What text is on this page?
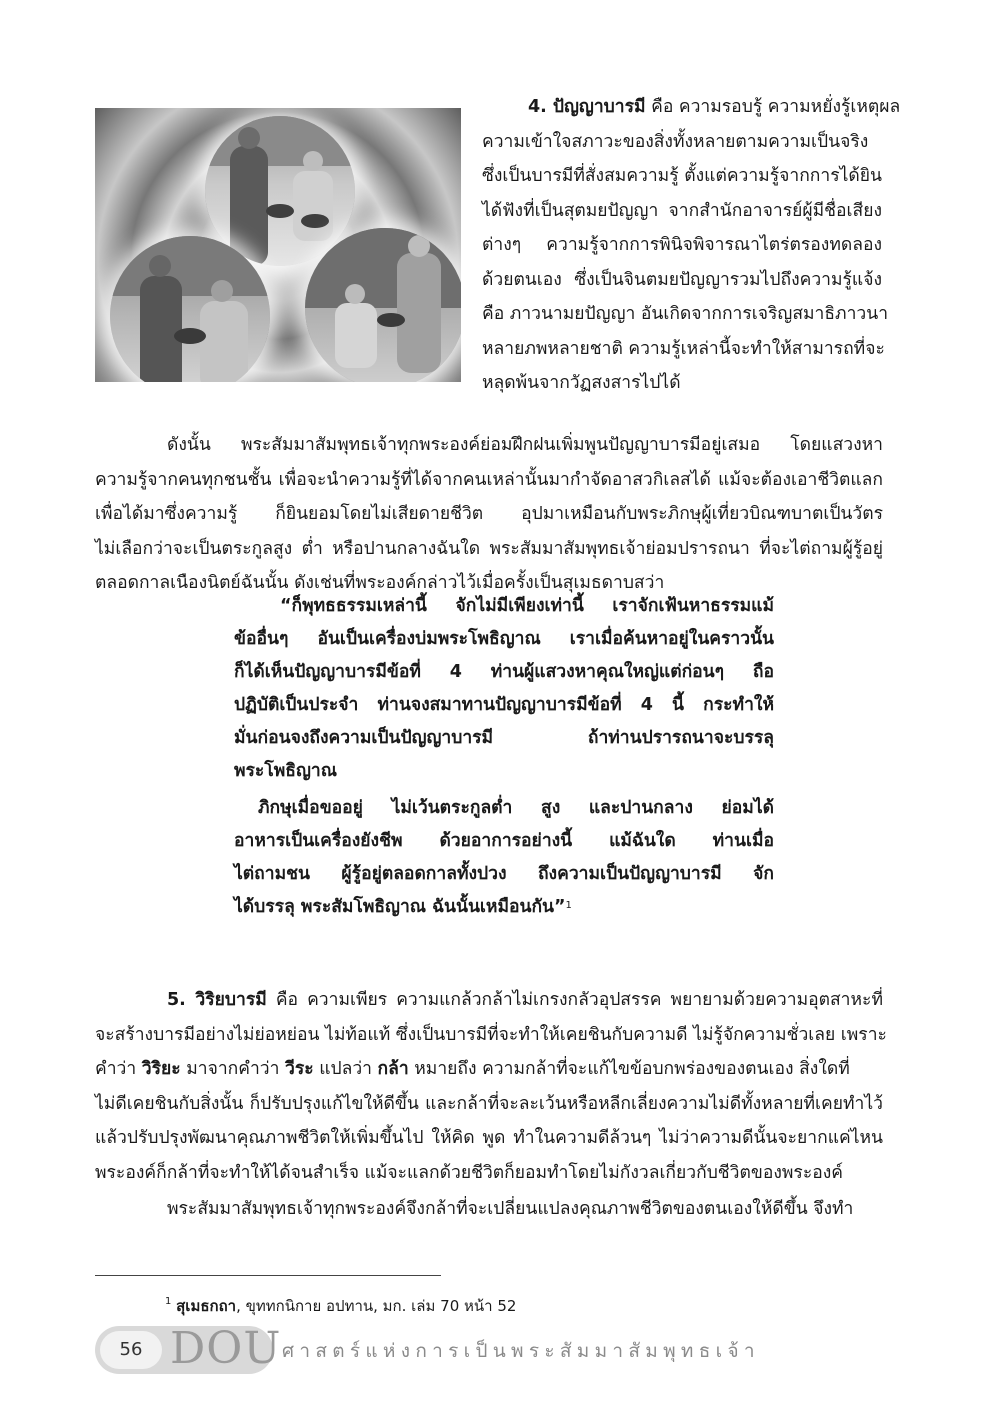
4. ปัญญาบารมี คือ ความรอบรู้ ความหยั่งรู้เหตุผล
ความเข้าใจสภาวะของสิ่งทั้งหลายตามความเป็นจริง
ซึ่งเป็นบารมีที่สั่งสมความรู้ ตั้งแต่ความรู้จากการได้ยิน
ได้ฟังที่เป็นสุตมยปัญญา จากสำนักอาจารย์ผู้มีชื่อเสียง
ต่างๆ ความรู้จากการพินิจพิจารณาไตร่ตรองทดลอง
ด้วยตนเอง ซึ่งเป็นจินตมยปัญญารวมไปถึงความรู้แจ้ง
คือ ภาวนามยปัญญา อันเกิดจากการเจริญสมาธิภาวนา
หลายภพหลายชาติ ความรู้เหล่านี้จะทำให้สามารถที่จะ
หลุดพ้นจากวัฏสงสารไปได้
ดังนั้น พระสัมมาสัมพุทธเจ้าทุกพระองค์ย่อมฝึกฝนเพิ่มพูนปัญญาบารมีอยู่เสมอ โดยแสวงหา
ความรู้จากคนทุกชนชั้น เพื่อจะนำความรู้ที่ได้จากคนเหล่านั้นมากำจัดอาสวกิเลสได้ แม้จะต้องเอาชีวิตแลก
เพื่อได้มาซึ่งความรู้ ก็ยินยอมโดยไม่เสียดายชีวิต อุปมาเหมือนกับพระภิกษุผู้เที่ยวบิณฑบาตเป็นวัตร
ไม่เลือกว่าจะเป็นตระกูลสูง ต่ำ หรือปานกลางฉันใด พระสัมมาสัมพุทธเจ้าย่อมปรารถนา ที่จะไต่ถามผู้รู้อยู่
ตลอดกาลเนืองนิตย์ฉันนั้น ดังเช่นที่พระองค์กล่าวไว้เมื่อครั้งเป็นสุเมธดาบสว่า
“ก็พุทธธรรมเหล่านี้ จักไม่มีเพียงเท่านี้ เราจักเฟ้นหาธรรมแม้
ข้ออื่นๆ อันเป็นเครื่องบ่มพระโพธิญาณ เราเมื่อค้นหาอยู่ในคราวนั้น
ก็ได้เห็นปัญญาบารมีข้อที่ 4 ท่านผู้แสวงหาคุณใหญ่แต่ก่อนๆ ถือ
ปฏิบัติเป็นประจำ ท่านจงสมาทานปัญญาบารมีข้อที่ 4 นี้ กระทำให้
มั่นก่อนจงถึงความเป็นปัญญาบารมี ถ้าท่านปรารถนาจะบรรลุ
พระโพธิญาณ
ภิกษุเมื่อขออยู่ ไม่เว้นตระกูลต่ำ สูง และปานกลาง ย่อมได้
อาหารเป็นเครื่องยังชีพ ด้วยอาการอย่างนี้ แม้ฉันใด ท่านเมื่อ
ไต่ถามชน ผู้รู้อยู่ตลอดกาลทั้งปวง ถึงความเป็นปัญญาบารมี จัก
ได้บรรลุ พระสัมโพธิญาณ ฉันนั้นเหมือนกัน”$^1$
5. วิริยบารมี คือ ความเพียร ความแกล้วกล้าไม่เกรงกลัวอุปสรรค พยายามด้วยความอุตสาหะที่
จะสร้างบารมีอย่างไม่ย่อหย่อน ไม่ท้อแท้ ซึ่งเป็นบารมีที่จะทำให้เคยชินกับความดี ไม่รู้จักความชั่วเลย เพราะ
คำว่า วิริยะ มาจากคำว่า วีระ แปลว่า กล้า หมายถึง ความกล้าที่จะแก้ไขข้อบกพร่องของตนเอง สิ่งใดที่
ไม่ดีเคยชินกับสิ่งนั้น ก็ปรับปรุงแก้ไขให้ดีขึ้น และกล้าที่จะละเว้นหรือหลีกเลี่ยงความไม่ดีทั้งหลายที่เคยทำไว้
แล้วปรับปรุงพัฒนาคุณภาพชีวิตให้เพิ่มขึ้นไป ให้คิด พูด ทำในความดีล้วนๆ ไม่ว่าความดีนั้นจะยากแค่ไหน
พระองค์ก็กล้าที่จะทำให้ได้จนสำเร็จ แม้จะแลกด้วยชีวิตก็ยอมทำโดยไม่กังวลเกี่ยวกับชีวิตของพระองค์
พระสัมมาสัมพุทธเจ้าทุกพระองค์จึงกล้าที่จะเปลี่ยนแปลงคุณภาพชีวิตของตนเองให้ดีขึ้น จึงทำ
$^1$ สุเมธกถา, ขุททกนิกาย อปทาน, มก. เล่ม 70 หน้า 52
56 DOU ศาสตร์แห่งการเป็นพระสัมมาสัมพุทธเจ้า
